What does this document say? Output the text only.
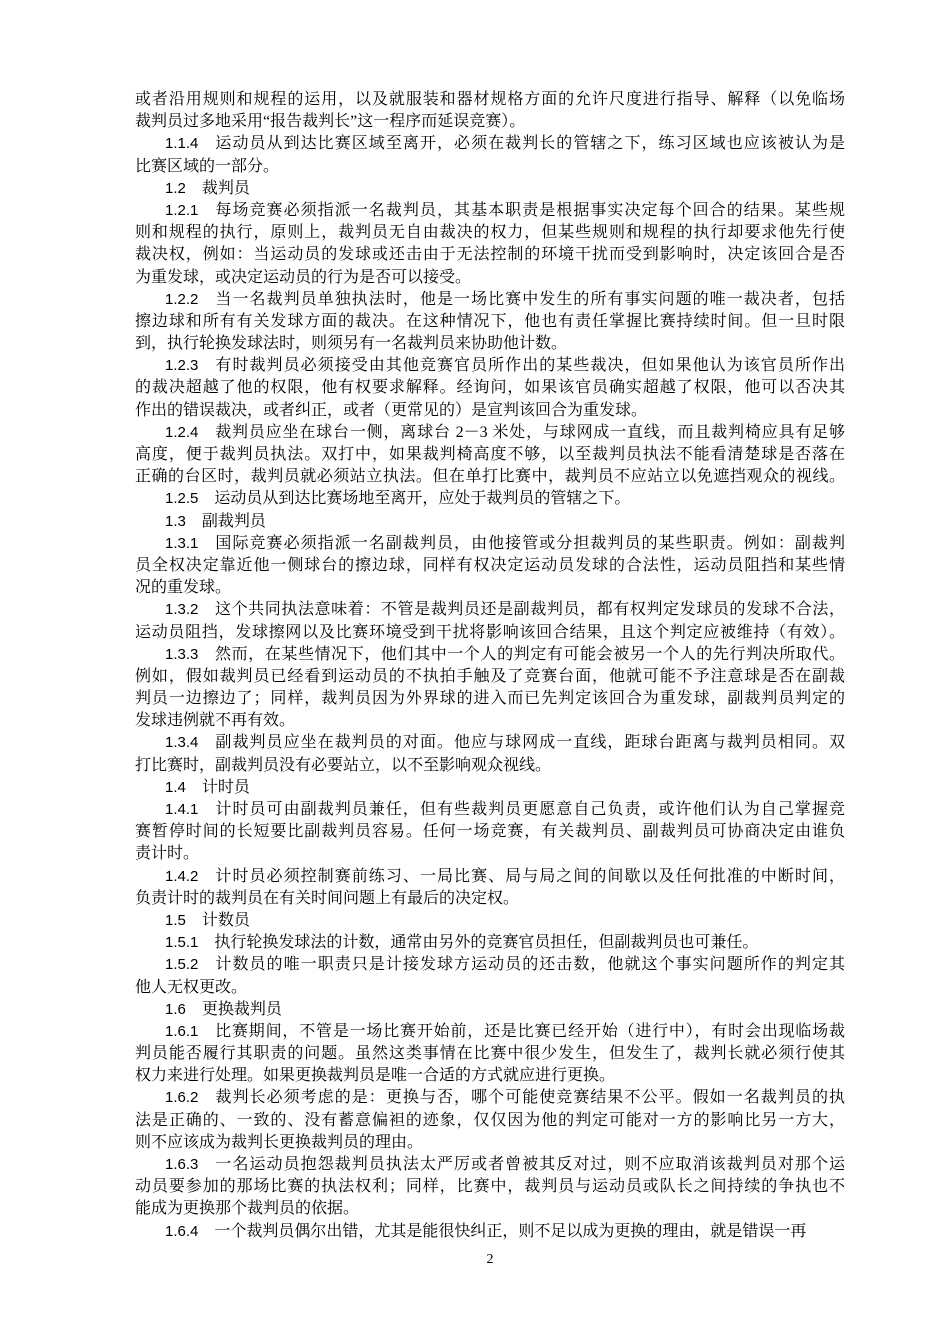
或者沿用规则和规程的运用，以及就服装和器材规格方面的允许尺度进行指导、解释（以免临场
裁判员过多地采用“报告裁判长”这一程序而延误竞赛）。
1.1.4 运动员从到达比赛区域至离开，必须在裁判长的管辖之下，练习区域也应该被认为是
比赛区域的一部分。
1.2 裁判员
1.2.1 每场竞赛必须指派一名裁判员，其基本职责是根据事实决定每个回合的结果。某些规
则和规程的执行，原则上，裁判员无自由裁决的权力，但某些规则和规程的执行却要求他先行使
裁决权，例如：当运动员的发球或还击由于无法控制的环境干扰而受到影响时，决定该回合是否
为重发球，或决定运动员的行为是否可以接受。
1.2.2 当一名裁判员单独执法时，他是一场比赛中发生的所有事实问题的唯一裁决者，包括
擦边球和所有有关发球方面的裁决。在这种情况下，他也有责任掌握比赛持续时间。但一旦时限
到，执行轮换发球法时，则须另有一名裁判员来协助他计数。
1.2.3 有时裁判员必须接受由其他竞赛官员所作出的某些裁决，但如果他认为该官员所作出
的裁决超越了他的权限，他有权要求解释。经询问，如果该官员确实超越了权限，他可以否决其
作出的错误裁决，或者纠正，或者（更常见的）是宣判该回合为重发球。
1.2.4 裁判员应坐在球台一侧，离球台 2－3 米处，与球网成一直线，而且裁判椅应具有足够
高度，便于裁判员执法。双打中，如果裁判椅高度不够，以至裁判员执法不能看清楚球是否落在
正确的台区时，裁判员就必须站立执法。但在单打比赛中，裁判员不应站立以免遮挡观众的视线。
1.2.5 运动员从到达比赛场地至离开，应处于裁判员的管辖之下。
1.3 副裁判员
1.3.1 国际竞赛必须指派一名副裁判员，由他接管或分担裁判员的某些职责。例如：副裁判
员全权决定靠近他一侧球台的擦边球，同样有权决定运动员发球的合法性，运动员阻挡和某些情
况的重发球。
1.3.2 这个共同执法意味着：不管是裁判员还是副裁判员，都有权判定发球员的发球不合法，
运动员阻挡，发球擦网以及比赛环境受到干扰将影响该回合结果，且这个判定应被维持（有效）。
1.3.3 然而，在某些情况下，他们其中一个人的判定有可能会被另一个人的先行判决所取代。
例如，假如裁判员已经看到运动员的不执拍手触及了竞赛台面，他就可能不予注意球是否在副裁
判员一边擦边了；同样，裁判员因为外界球的进入而已先判定该回合为重发球，副裁判员判定的
发球违例就不再有效。
1.3.4 副裁判员应坐在裁判员的对面。他应与球网成一直线，距球台距离与裁判员相同。双
打比赛时，副裁判员没有必要站立，以不至影响观众视线。
1.4 计时员
1.4.1 计时员可由副裁判员兼任，但有些裁判员更愿意自己负责，或许他们认为自己掌握竞
赛暂停时间的长短要比副裁判员容易。任何一场竞赛，有关裁判员、副裁判员可协商决定由谁负
责计时。
1.4.2 计时员必须控制赛前练习、一局比赛、局与局之间的间歇以及任何批准的中断时间，
负责计时的裁判员在有关时间问题上有最后的决定权。
1.5 计数员
1.5.1 执行轮换发球法的计数，通常由另外的竞赛官员担任，但副裁判员也可兼任。
1.5.2 计数员的唯一职责只是计接发球方运动员的还击数，他就这个事实问题所作的判定其
他人无权更改。
1.6 更换裁判员
1.6.1 比赛期间，不管是一场比赛开始前，还是比赛已经开始（进行中），有时会出现临场裁
判员能否履行其职责的问题。虽然这类事情在比赛中很少发生，但发生了，裁判长就必须行使其
权力来进行处理。如果更换裁判员是唯一合适的方式就应进行更换。
1.6.2 裁判长必须考虑的是：更换与否，哪个可能使竞赛结果不公平。假如一名裁判员的执
法是正确的、一致的、没有蓄意偏袒的迹象，仅仅因为他的判定可能对一方的影响比另一方大，
则不应该成为裁判长更换裁判员的理由。
1.6.3 一名运动员抱怨裁判员执法太严厉或者曾被其反对过，则不应取消该裁判员对那个运
动员要参加的那场比赛的执法权利；同样，比赛中，裁判员与运动员或队长之间持续的争执也不
能成为更换那个裁判员的依据。
1.6.4 一个裁判员偶尔出错，尤其是能很快纠正，则不足以成为更换的理由，就是错误一再
2
